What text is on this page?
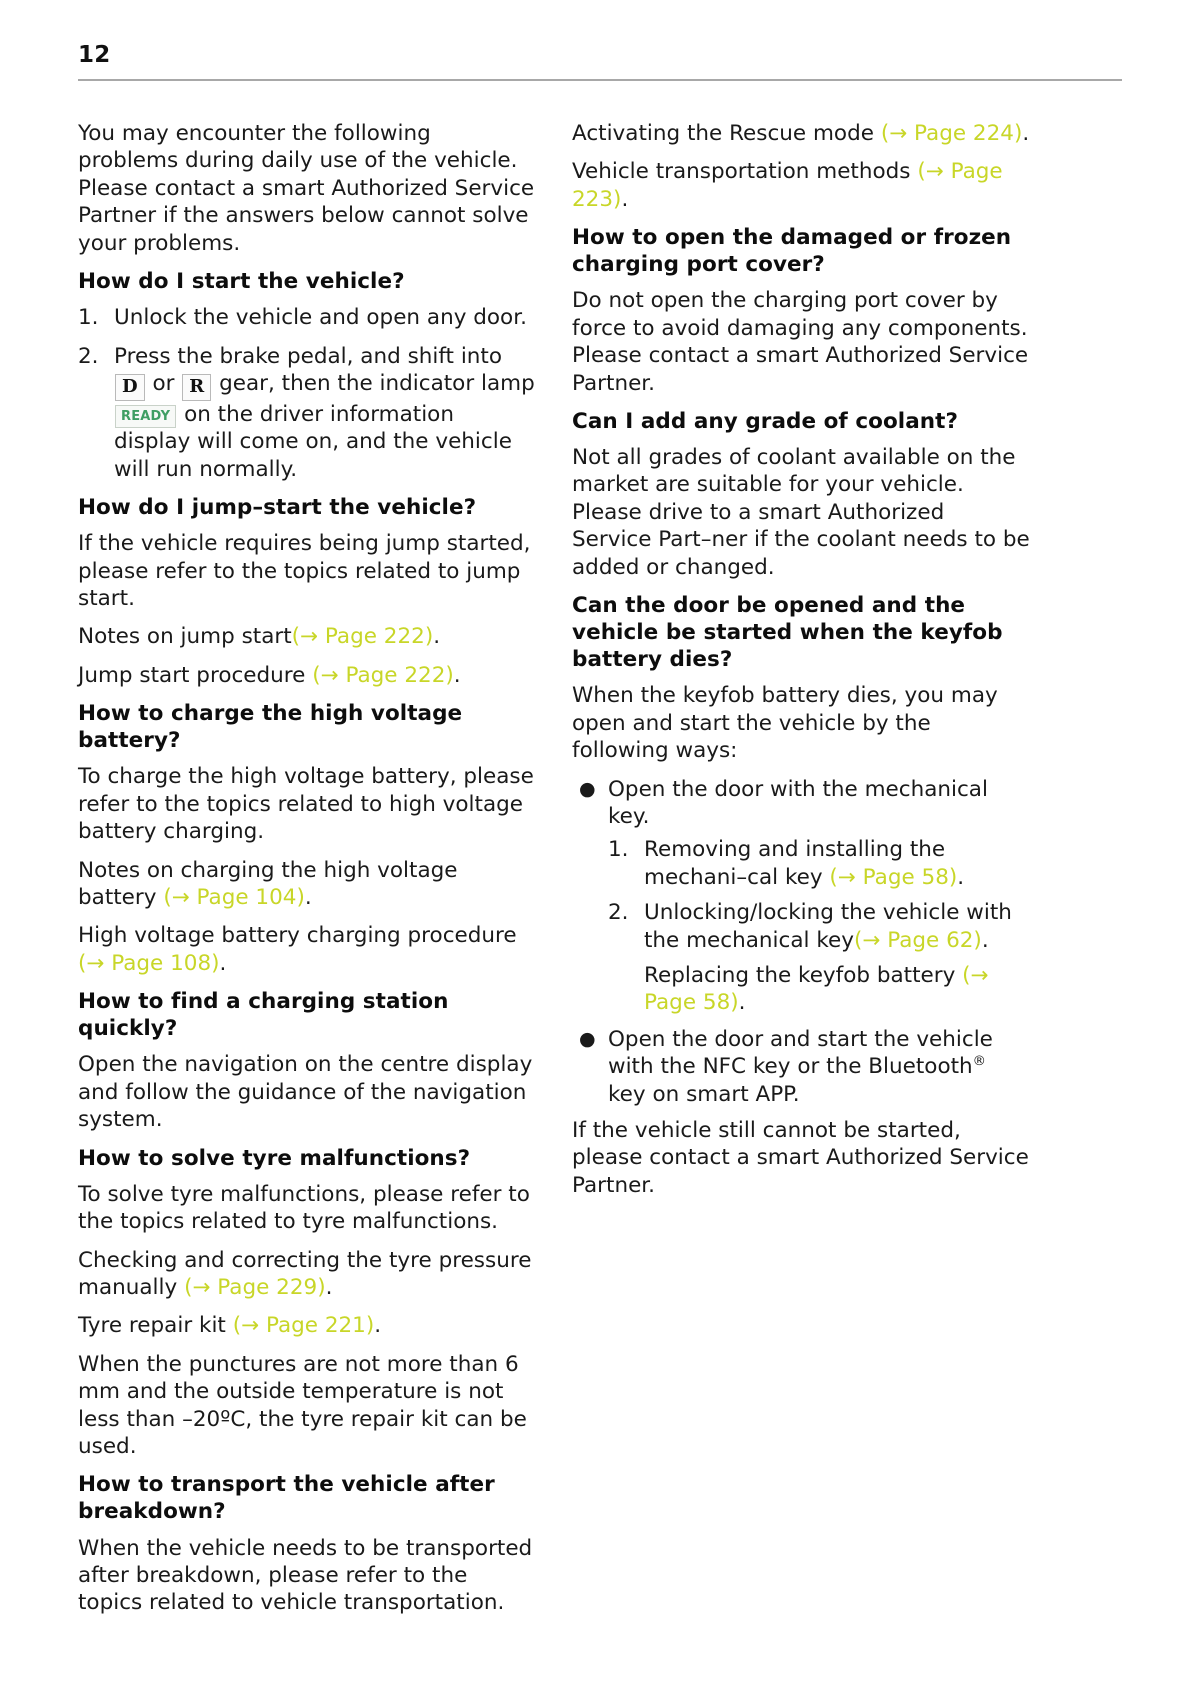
12

You may encounter the following problems during daily use of the vehicle. Please contact a smart Authorized Service Partner if the answers below cannot solve your problems.

How do I start the vehicle?
1. Unlock the vehicle and open any door.
2. Press the brake pedal, and shift into D or R gear, then the indicator lamp READY on the driver information display will come on, and the vehicle will run normally.
How do I jump–start the vehicle?

If the vehicle requires being jump started, please refer to the topics related to jump start.

Notes on jump start(→ Page 222).

Jump start procedure (→ Page 222).

How to charge the high voltage battery?

To charge the high voltage battery, please refer to the topics related to high voltage battery charging.

Notes on charging the high voltage battery (→ Page 104).

High voltage battery charging procedure (→ Page 108).

How to find a charging station quickly?

Open the navigation on the centre display and follow the guidance of the navigation system.

How to solve tyre malfunctions?

To solve tyre malfunctions, please refer to the topics related to tyre malfunctions.

Checking and correcting the tyre pressure manually (→ Page 229).

Tyre repair kit (→ Page 221).

When the punctures are not more than 6 mm and the outside temperature is not less than –20ºC, the tyre repair kit can be used.

How to transport the vehicle after breakdown?

When the vehicle needs to be transported after breakdown, please refer to the topics related to vehicle transportation.

Activating the Rescue mode (→ Page 224).

Vehicle transportation methods (→ Page 223).

How to open the damaged or frozen charging port cover?

Do not open the charging port cover by force to avoid damaging any components. Please contact a smart Authorized Service Partner.

Can I add any grade of coolant?

Not all grades of coolant available on the market are suitable for your vehicle. Please drive to a smart Authorized Service Part–ner if the coolant needs to be added or changed.

Can the door be opened and the vehicle be started when the keyfob battery dies?

When the keyfob battery dies, you may open and start the vehicle by the following ways:

● Open the door with the mechanical key.
1. Removing and installing the mechani–cal key (→ Page 58).
2. Unlocking/locking the vehicle with the mechanical key(→ Page 62).
Replacing the keyfob battery (→ Page 58).
● Open the door and start the vehicle with the NFC key or the Bluetooth® key on smart APP.

If the vehicle still cannot be started, please contact a smart Authorized Service Partner.
